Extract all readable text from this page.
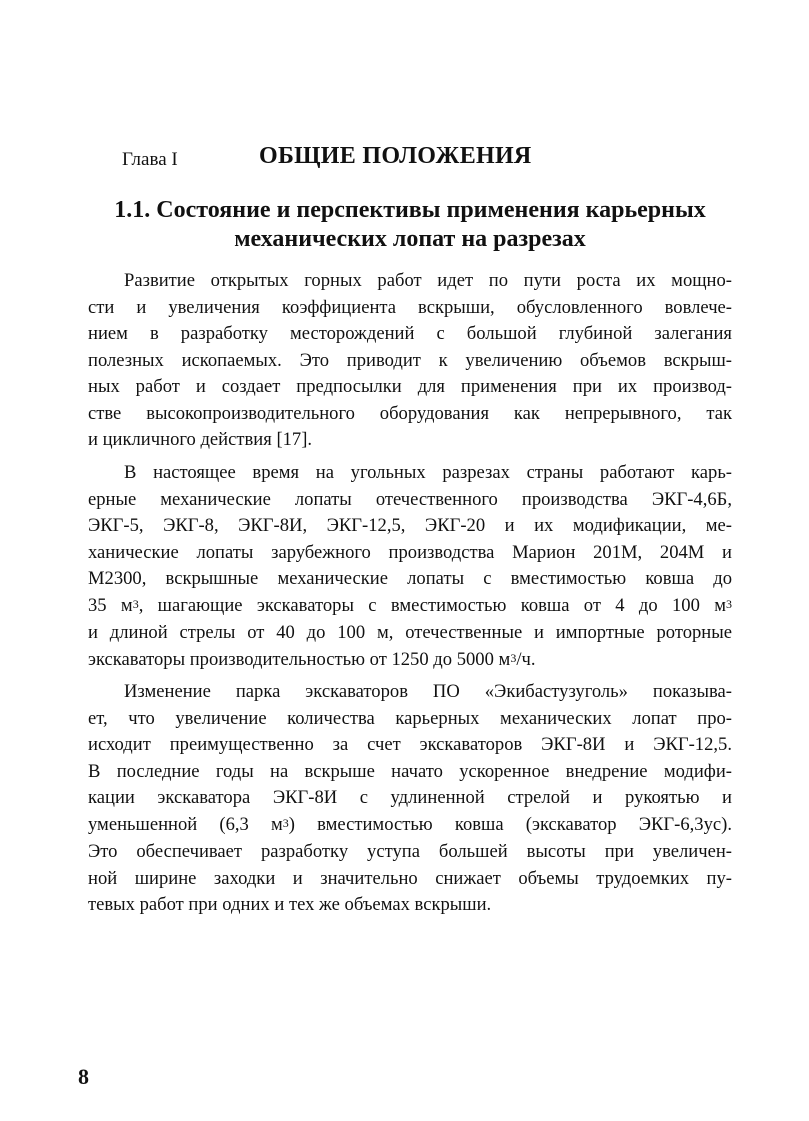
Глава I	ОБЩИЕ ПОЛОЖЕНИЯ
1.1. Состояние и перспективы применения карьерных
механических лопат на разрезах
Развитие открытых горных работ идет по пути роста их мощно-
сти и увеличения коэффициента вскрыши, обусловленного вовлече-
нием в разработку месторождений с большой глубиной залегания
полезных ископаемых. Это приводит к увеличению объемов вскрыш-
ных работ и создает предпосылки для применения при их производ-
стве высокопроизводительного оборудования как непрерывного, так
и цикличного действия [17].
В настоящее время на угольных разрезах страны работают карь-
ерные механические лопаты отечественного производства ЭКГ-4,6Б,
ЭКГ-5, ЭКГ-8, ЭКГ-8И, ЭКГ-12,5, ЭКГ-20 и их модификации, ме-
ханические лопаты зарубежного производства Марион 201М, 204М и
М2300, вскрышные механические лопаты с вместимостью ковша до
35 $м^3$, шагающие экскаваторы с вместимостью ковша от 4 до 100 $м^3$
и длиной стрелы от 40 до 100 м, отечественные и импортные роторные
экскаваторы производительностью от 1250 до 5000 $м^3/ч$.
Изменение парка экскаваторов ПО «Экибастузуголь» показыва-
ет, что увеличение количества карьерных механических лопат про-
исходит преимущественно за счет экскаваторов ЭКГ-8И и ЭКГ-12,5.
В последние годы на вскрыше начато ускоренное внедрение модифи-
кации экскаватора ЭКГ-8И с удлиненной стрелой и рукоятью и
уменьшенной (6,3 $м^3$) вместимостью ковша (экскаватор ЭКГ-6,3ус).
Это обеспечивает разработку уступа большей высоты при увеличен-
ной ширине заходки и значительно снижает объемы трудоемких пу-
тевых работ при одних и тех же объемах вскрыши.
8
